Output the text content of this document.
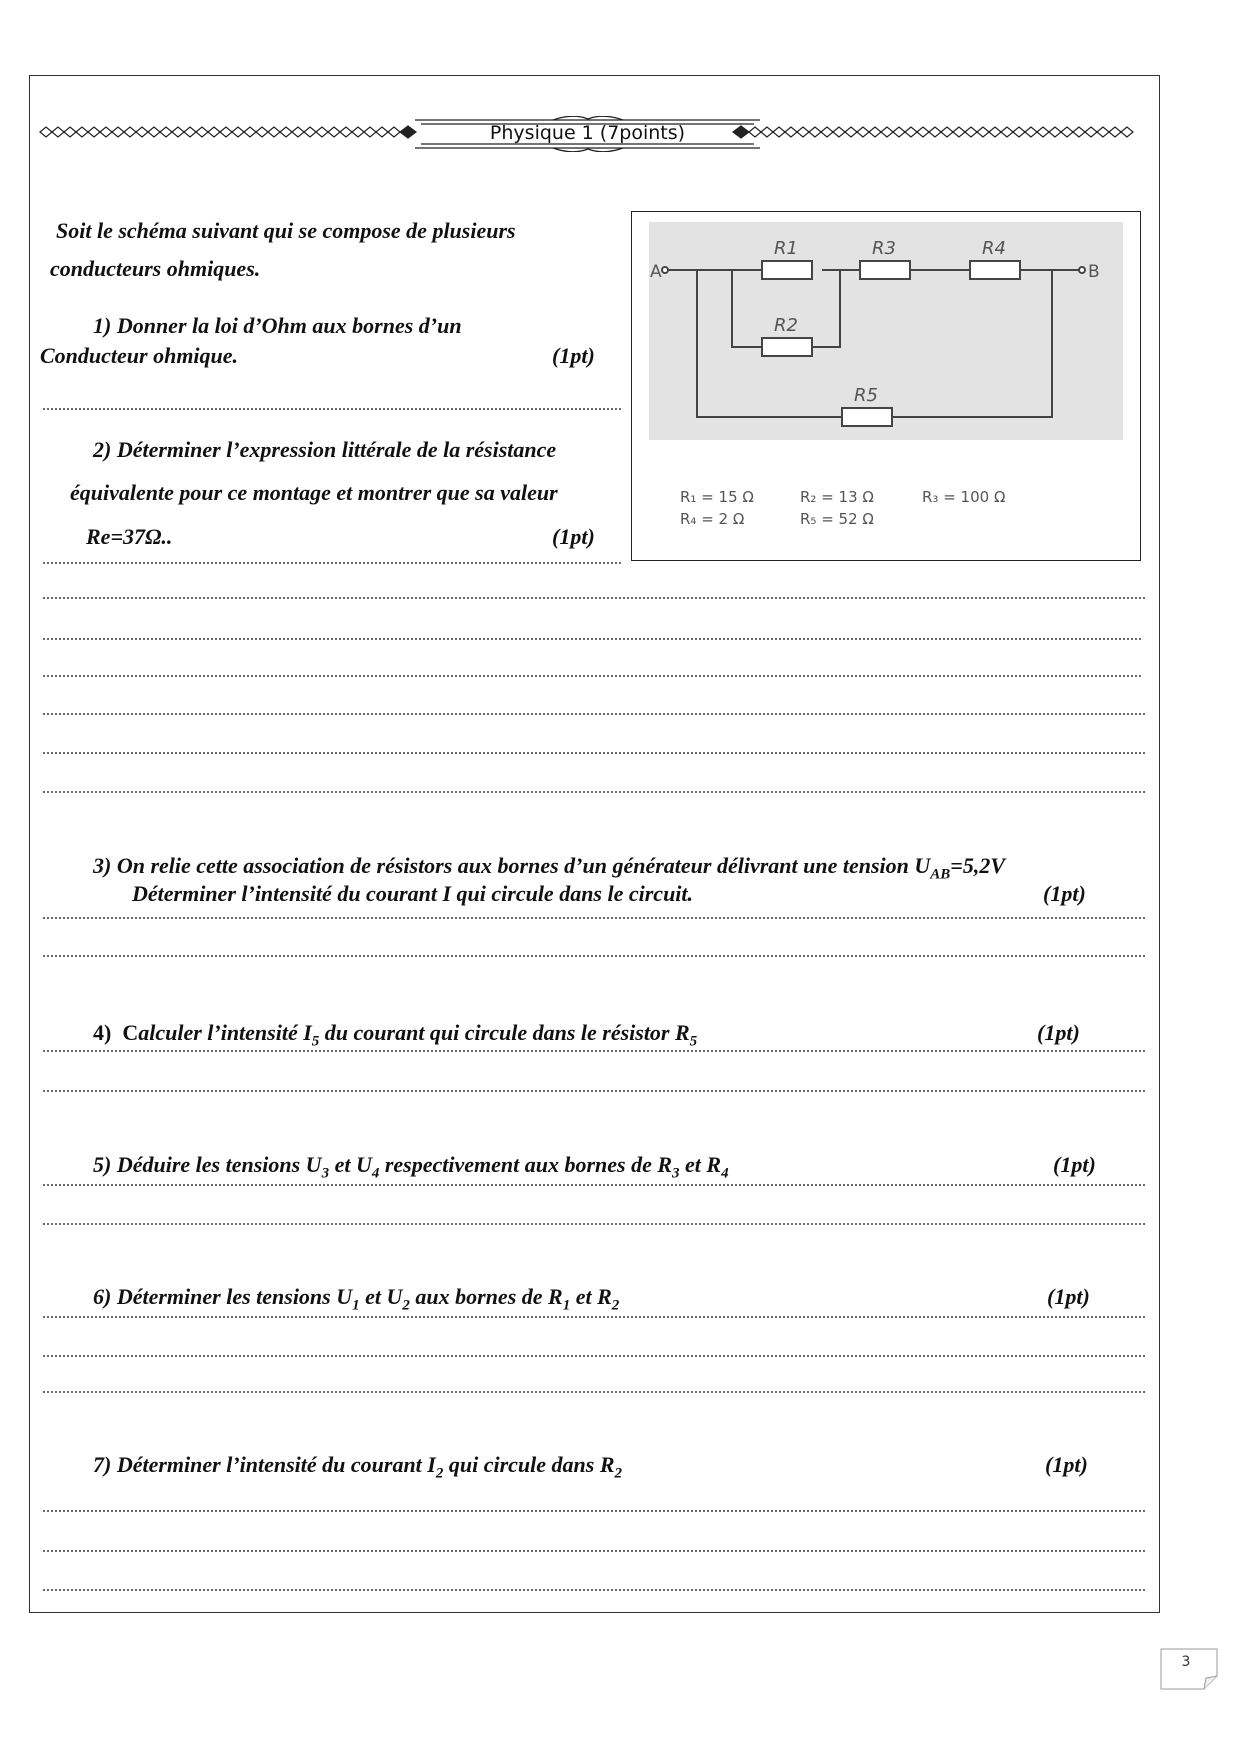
Physique 1 (7points)
Soit le schéma suivant qui se compose de plusieurs
conducteurs ohmiques.
1) Donner la loi d’Ohm aux bornes d’un
Conducteur ohmique.	(1pt)
2) Déterminer l’expression littérale de la résistance
équivalente pour ce montage et montrer que sa valeur
Re=37Ω..	(1pt)
A	B
R1	R3	R4
R2
R5
R₁ = 15 Ω	R₂ = 13 Ω	R₃ = 100 Ω
R₄ = 2 Ω	R₅ = 52 Ω
3) On relie cette association de résistors aux bornes d’un générateur délivrant une tension $U_{AB}=5,2V$
Déterminer l’intensité du courant I qui circule dans le circuit.	(1pt)
4) Calculer l’intensité $I_5$ du courant qui circule dans le résistor $R_5$	(1pt)
5) Déduire les tensions $U_3$ et $U_4$ respectivement aux bornes de $R_3$ et $R_4$	(1pt)
6) Déterminer les tensions $U_1$ et $U_2$ aux bornes de $R_1$ et $R_2$	(1pt)
7) Déterminer l’intensité du courant $I_2$ qui circule dans $R_2$	(1pt)
3
